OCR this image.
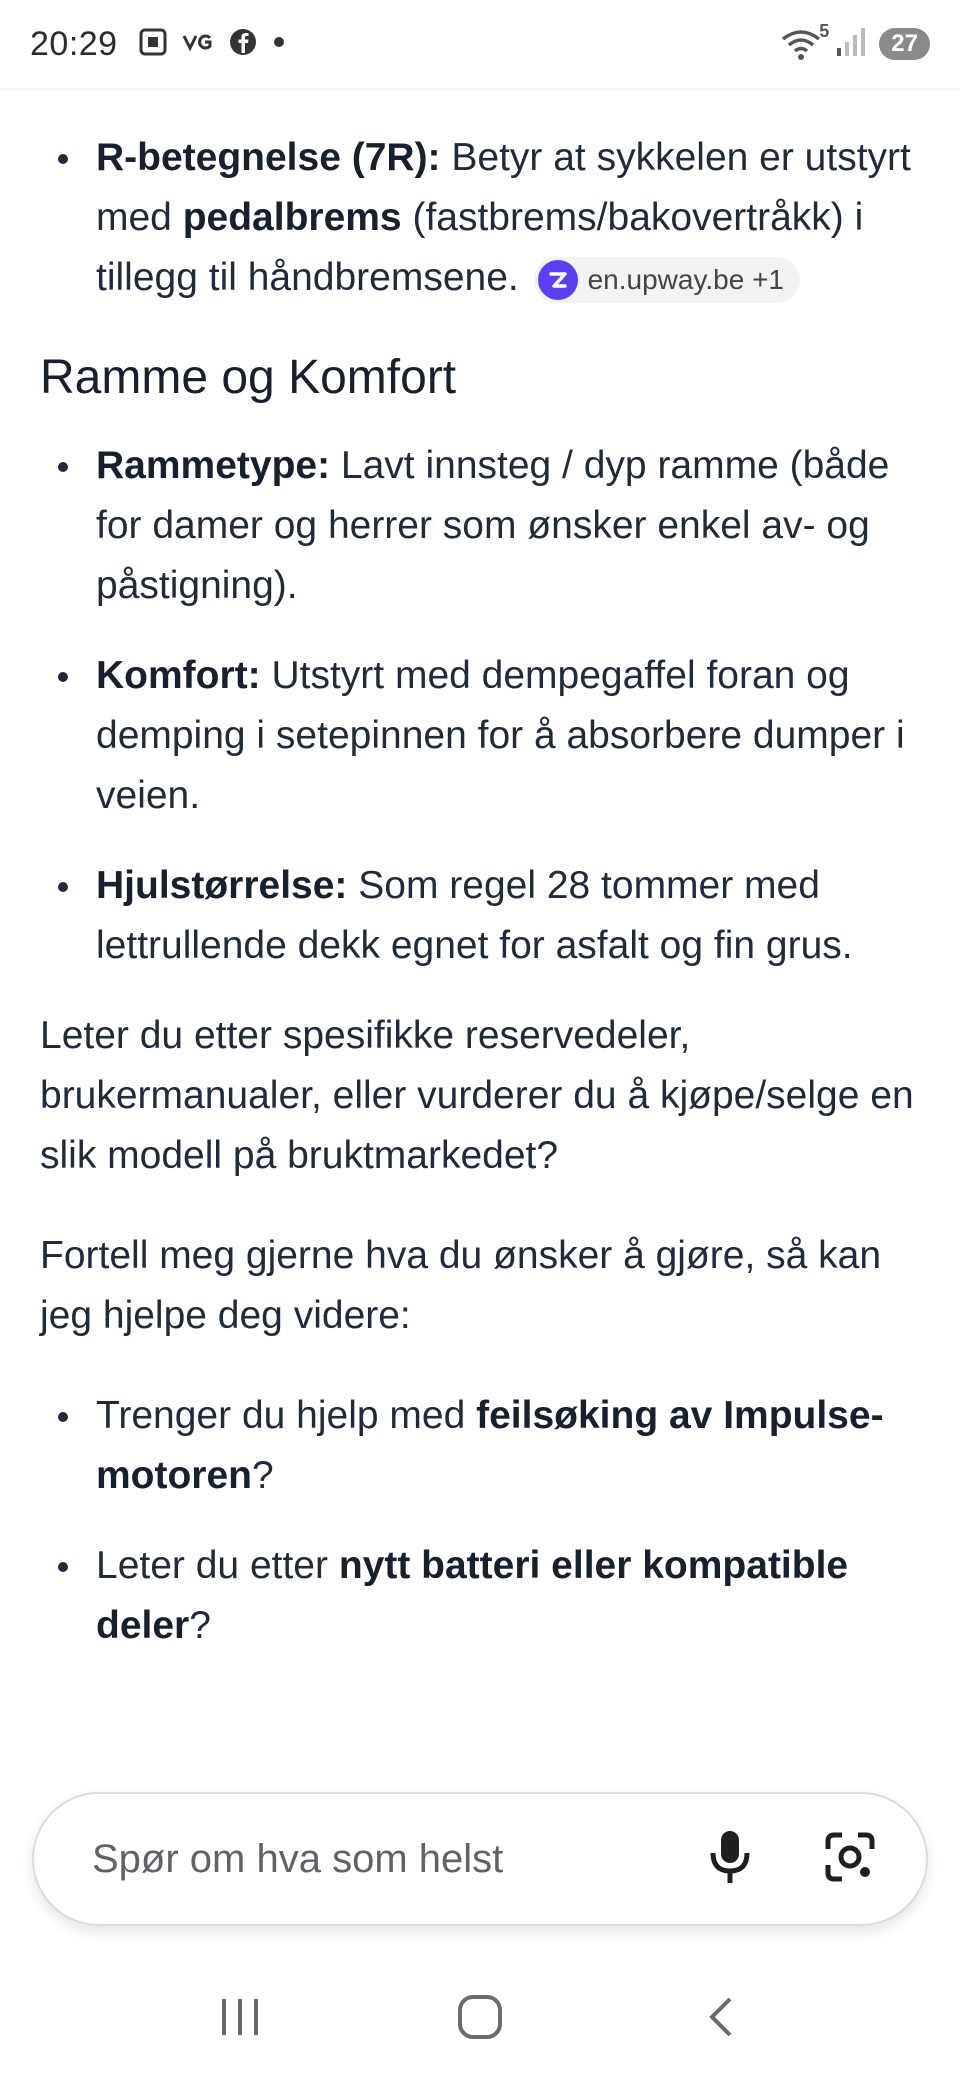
20:29	5	27
R-betegnelse (7R): Betyr at sykkelen er utstyrt med pedalbrems (fastbrems/bakovertråkk) i tillegg til håndbremsene. en.upway.be +1
Ramme og Komfort
Rammetype: Lavt innsteg / dyp ramme (både for damer og herrer som ønsker enkel av- og påstigning).
Komfort: Utstyrt med dempegaffel foran og demping i setepinnen for å absorbere dumper i veien.
Hjulstørrelse: Som regel 28 tommer med lettrullende dekk egnet for asfalt og fin grus.

Leter du etter spesifikke reservedeler, brukermanualer, eller vurderer du å kjøpe/selge en slik modell på bruktmarkedet?

Fortell meg gjerne hva du ønsker å gjøre, så kan jeg hjelpe deg videre:

Trenger du hjelp med feilsøking av Impulse-motoren?
Leter du etter nytt batteri eller kompatible deler?
Spør om hva som helst
